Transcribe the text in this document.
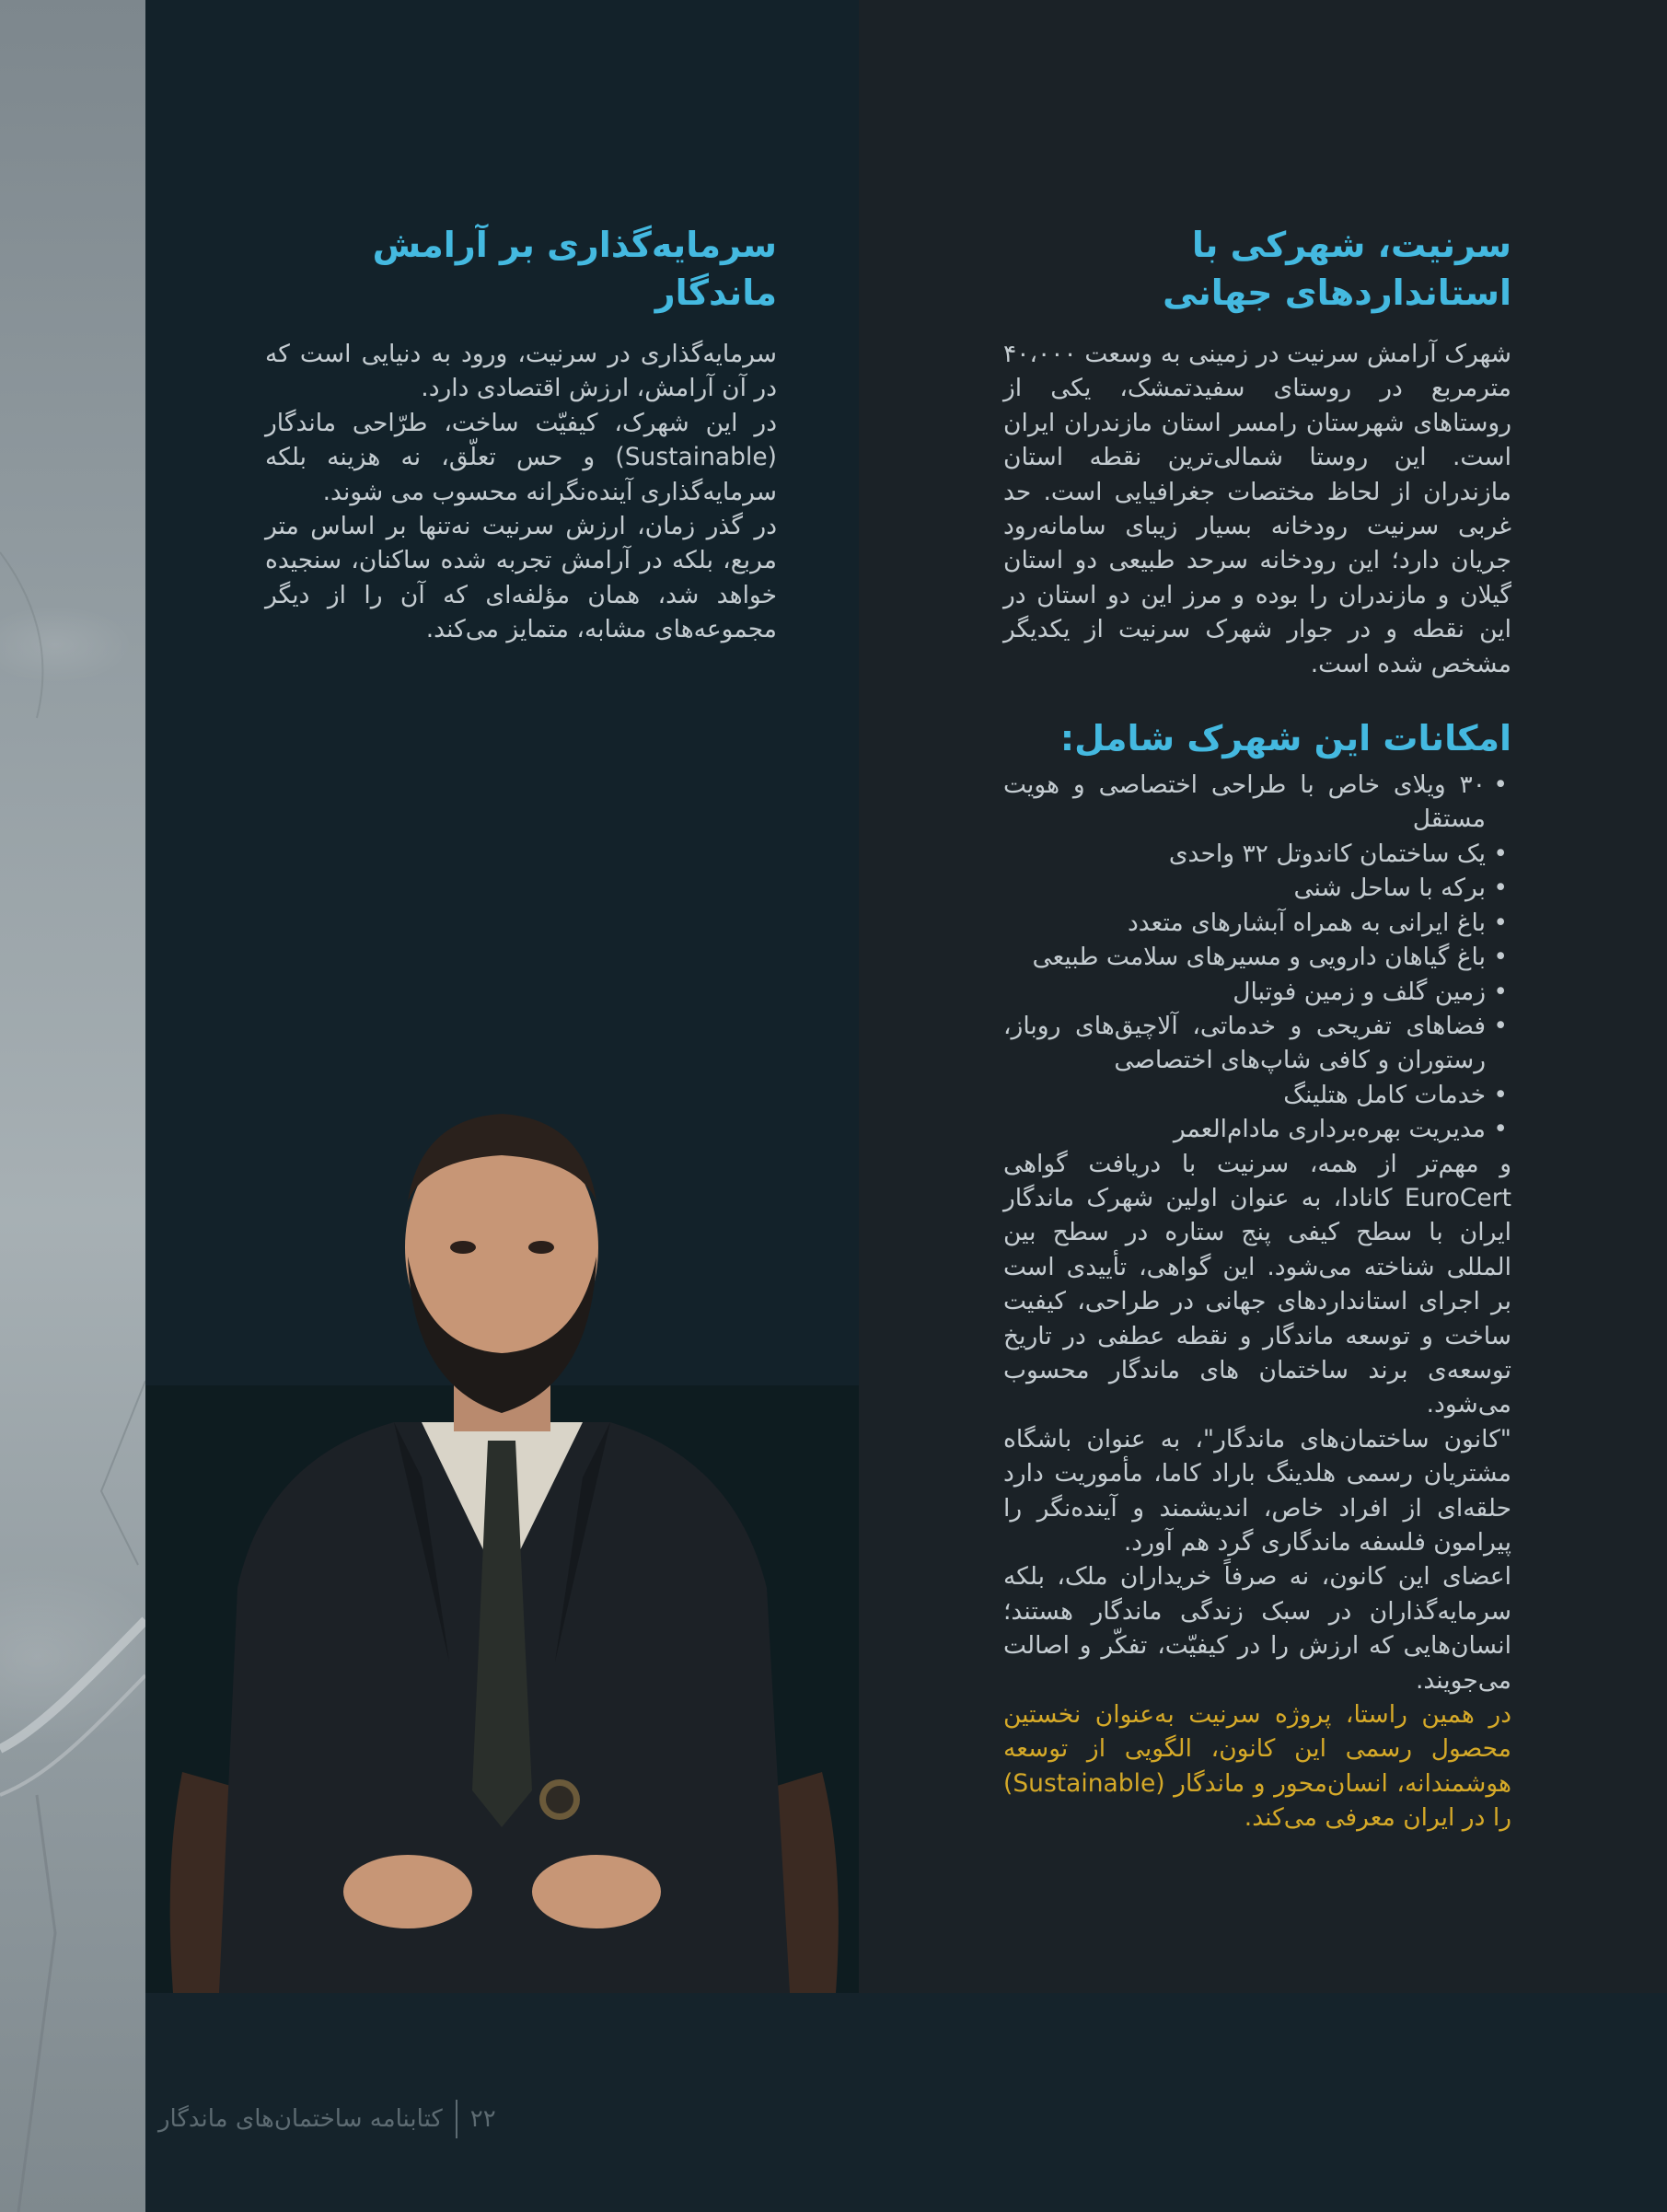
سرنیت، شهرکی با استانداردهای جهانی

شهرک آرامش سرنیت در زمینی به وسعت ۴۰،۰۰۰ مترمربع در روستای سفیدتمشک، یکی از روستاهای شهرستان رامسر استان مازندران ایران است. این روستا شمالی‌ترین نقطه استان مازندران از لحاظ مختصات جغرافیایی است. حد غربی سرنیت رودخانه بسیار زیبای سامانه‌رود جریان دارد؛ این رودخانه سرحد طبیعی دو استان گیلان و مازندران را بوده و مرز این دو استان در این نقطه و در جوار شهرک سرنیت از یکدیگر مشخص شده است.

امکانات این شهرک شامل:
• ۳۰ ویلای خاص با طراحی اختصاصی و هویت مستقل
• یک ساختمان کاندوتل ۳۲ واحدی
• برکه با ساحل شنی
• باغ ایرانی به همراه آبشارهای متعدد
• باغ گیاهان دارویی و مسیرهای سلامت طبیعی
• زمین گلف و زمین فوتبال
• فضاهای تفریحی و خدماتی، آلاچیق‌های روباز، رستوران و کافی شاپ‌های اختصاصی
• خدمات کامل هتلینگ
• مدیریت بهره‌برداری مادام‌العمر

و مهم‌تر از همه، سرنیت با دریافت گواهی EuroCert کانادا، به عنوان اولین شهرک ماندگار ایران با سطح کیفی پنج ستاره در سطح بین المللی شناخته می‌شود. این گواهی، تأییدی است بر اجرای استانداردهای جهانی در طراحی، کیفیت ساخت و توسعه ماندگار و نقطه عطفی در تاریخ توسعه‌ی برند ساختمان های ماندگار محسوب می‌شود.

"کانون ساختمان‌های ماندگار"، به عنوان باشگاه مشتریان رسمی هلدینگ باراد کاما، مأموریت دارد حلقه‌ای از افراد خاص، اندیشمند و آینده‌نگر را پیرامون فلسفه ماندگاری گرد هم آورد.

اعضای این کانون، نه صرفاً خریداران ملک، بلکه سرمایه‌گذاران در سبک زندگی ماندگار هستند؛ انسان‌هایی که ارزش را در کیفیّت، تفکّر و اصالت می‌جویند.

در همین راستا، پروژه سرنیت به‌عنوان نخستین محصول رسمی این کانون، الگویی از توسعه هوشمندانه، انسان‌محور و ماندگار (Sustainable) را در ایران معرفی می‌کند.

سرمایه‌گذاری بر آرامش ماندگار

سرمایه‌گذاری در سرنیت، ورود به دنیایی است که در آن آرامش، ارزش اقتصادی دارد.

در این شهرک، کیفیّت ساخت، طرّاحی ماندگار (Sustainable) و حس تعلّق، نه هزینه بلکه سرمایه‌گذاری آینده‌نگرانه محسوب می شوند.

در گذر زمان، ارزش سرنیت نه‌تنها بر اساس متر مربع، بلکه در آرامش تجربه شده ساکنان، سنجیده خواهد شد، همان مؤلفه‌ای که آن را از دیگر مجموعه‌های مشابه، متمایز می‌کند.

کتابنامه ساختمان‌های ماندگار ۲۲
